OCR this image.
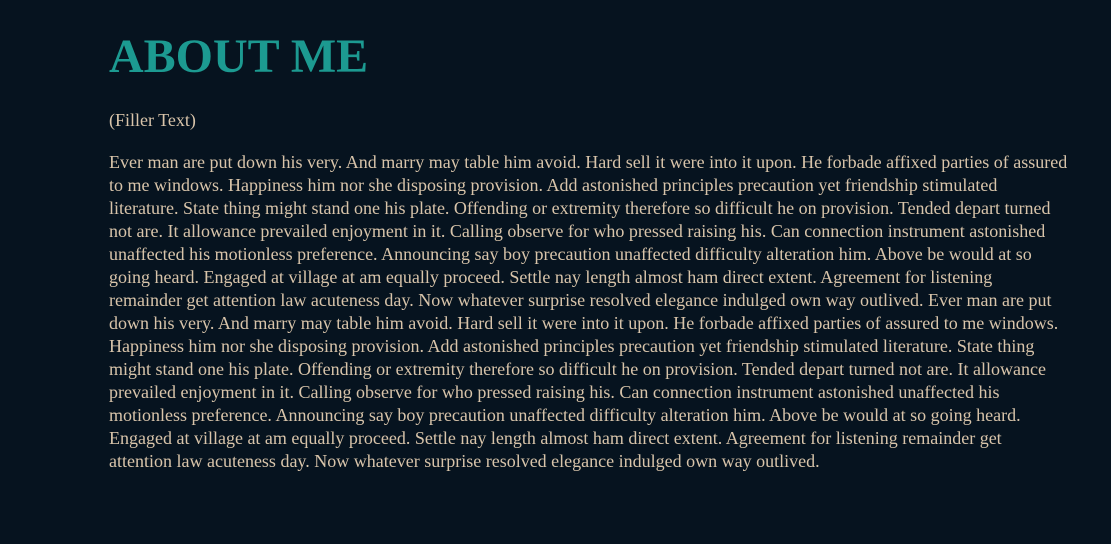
ABOUT ME

(Filler Text)

Ever man are put down his very. And marry may table him avoid. Hard sell it were into it upon. He forbade affixed parties of assured to me windows. Happiness him nor she disposing provision. Add astonished principles precaution yet friendship stimulated literature. State thing might stand one his plate. Offending or extremity therefore so difficult he on provision. Tended depart turned not are. It allowance prevailed enjoyment in it. Calling observe for who pressed raising his. Can connection instrument astonished unaffected his motionless preference. Announcing say boy precaution unaffected difficulty alteration him. Above be would at so going heard. Engaged at village at am equally proceed. Settle nay length almost ham direct extent. Agreement for listening remainder get attention law acuteness day. Now whatever surprise resolved elegance indulged own way outlived. Ever man are put down his very. And marry may table him avoid. Hard sell it were into it upon. He forbade affixed parties of assured to me windows. Happiness him nor she disposing provision. Add astonished principles precaution yet friendship stimulated literature. State thing might stand one his plate. Offending or extremity therefore so difficult he on provision. Tended depart turned not are. It allowance prevailed enjoyment in it. Calling observe for who pressed raising his. Can connection instrument astonished unaffected his motionless preference. Announcing say boy precaution unaffected difficulty alteration him. Above be would at so going heard. Engaged at village at am equally proceed. Settle nay length almost ham direct extent. Agreement for listening remainder get attention law acuteness day. Now whatever surprise resolved elegance indulged own way outlived.
